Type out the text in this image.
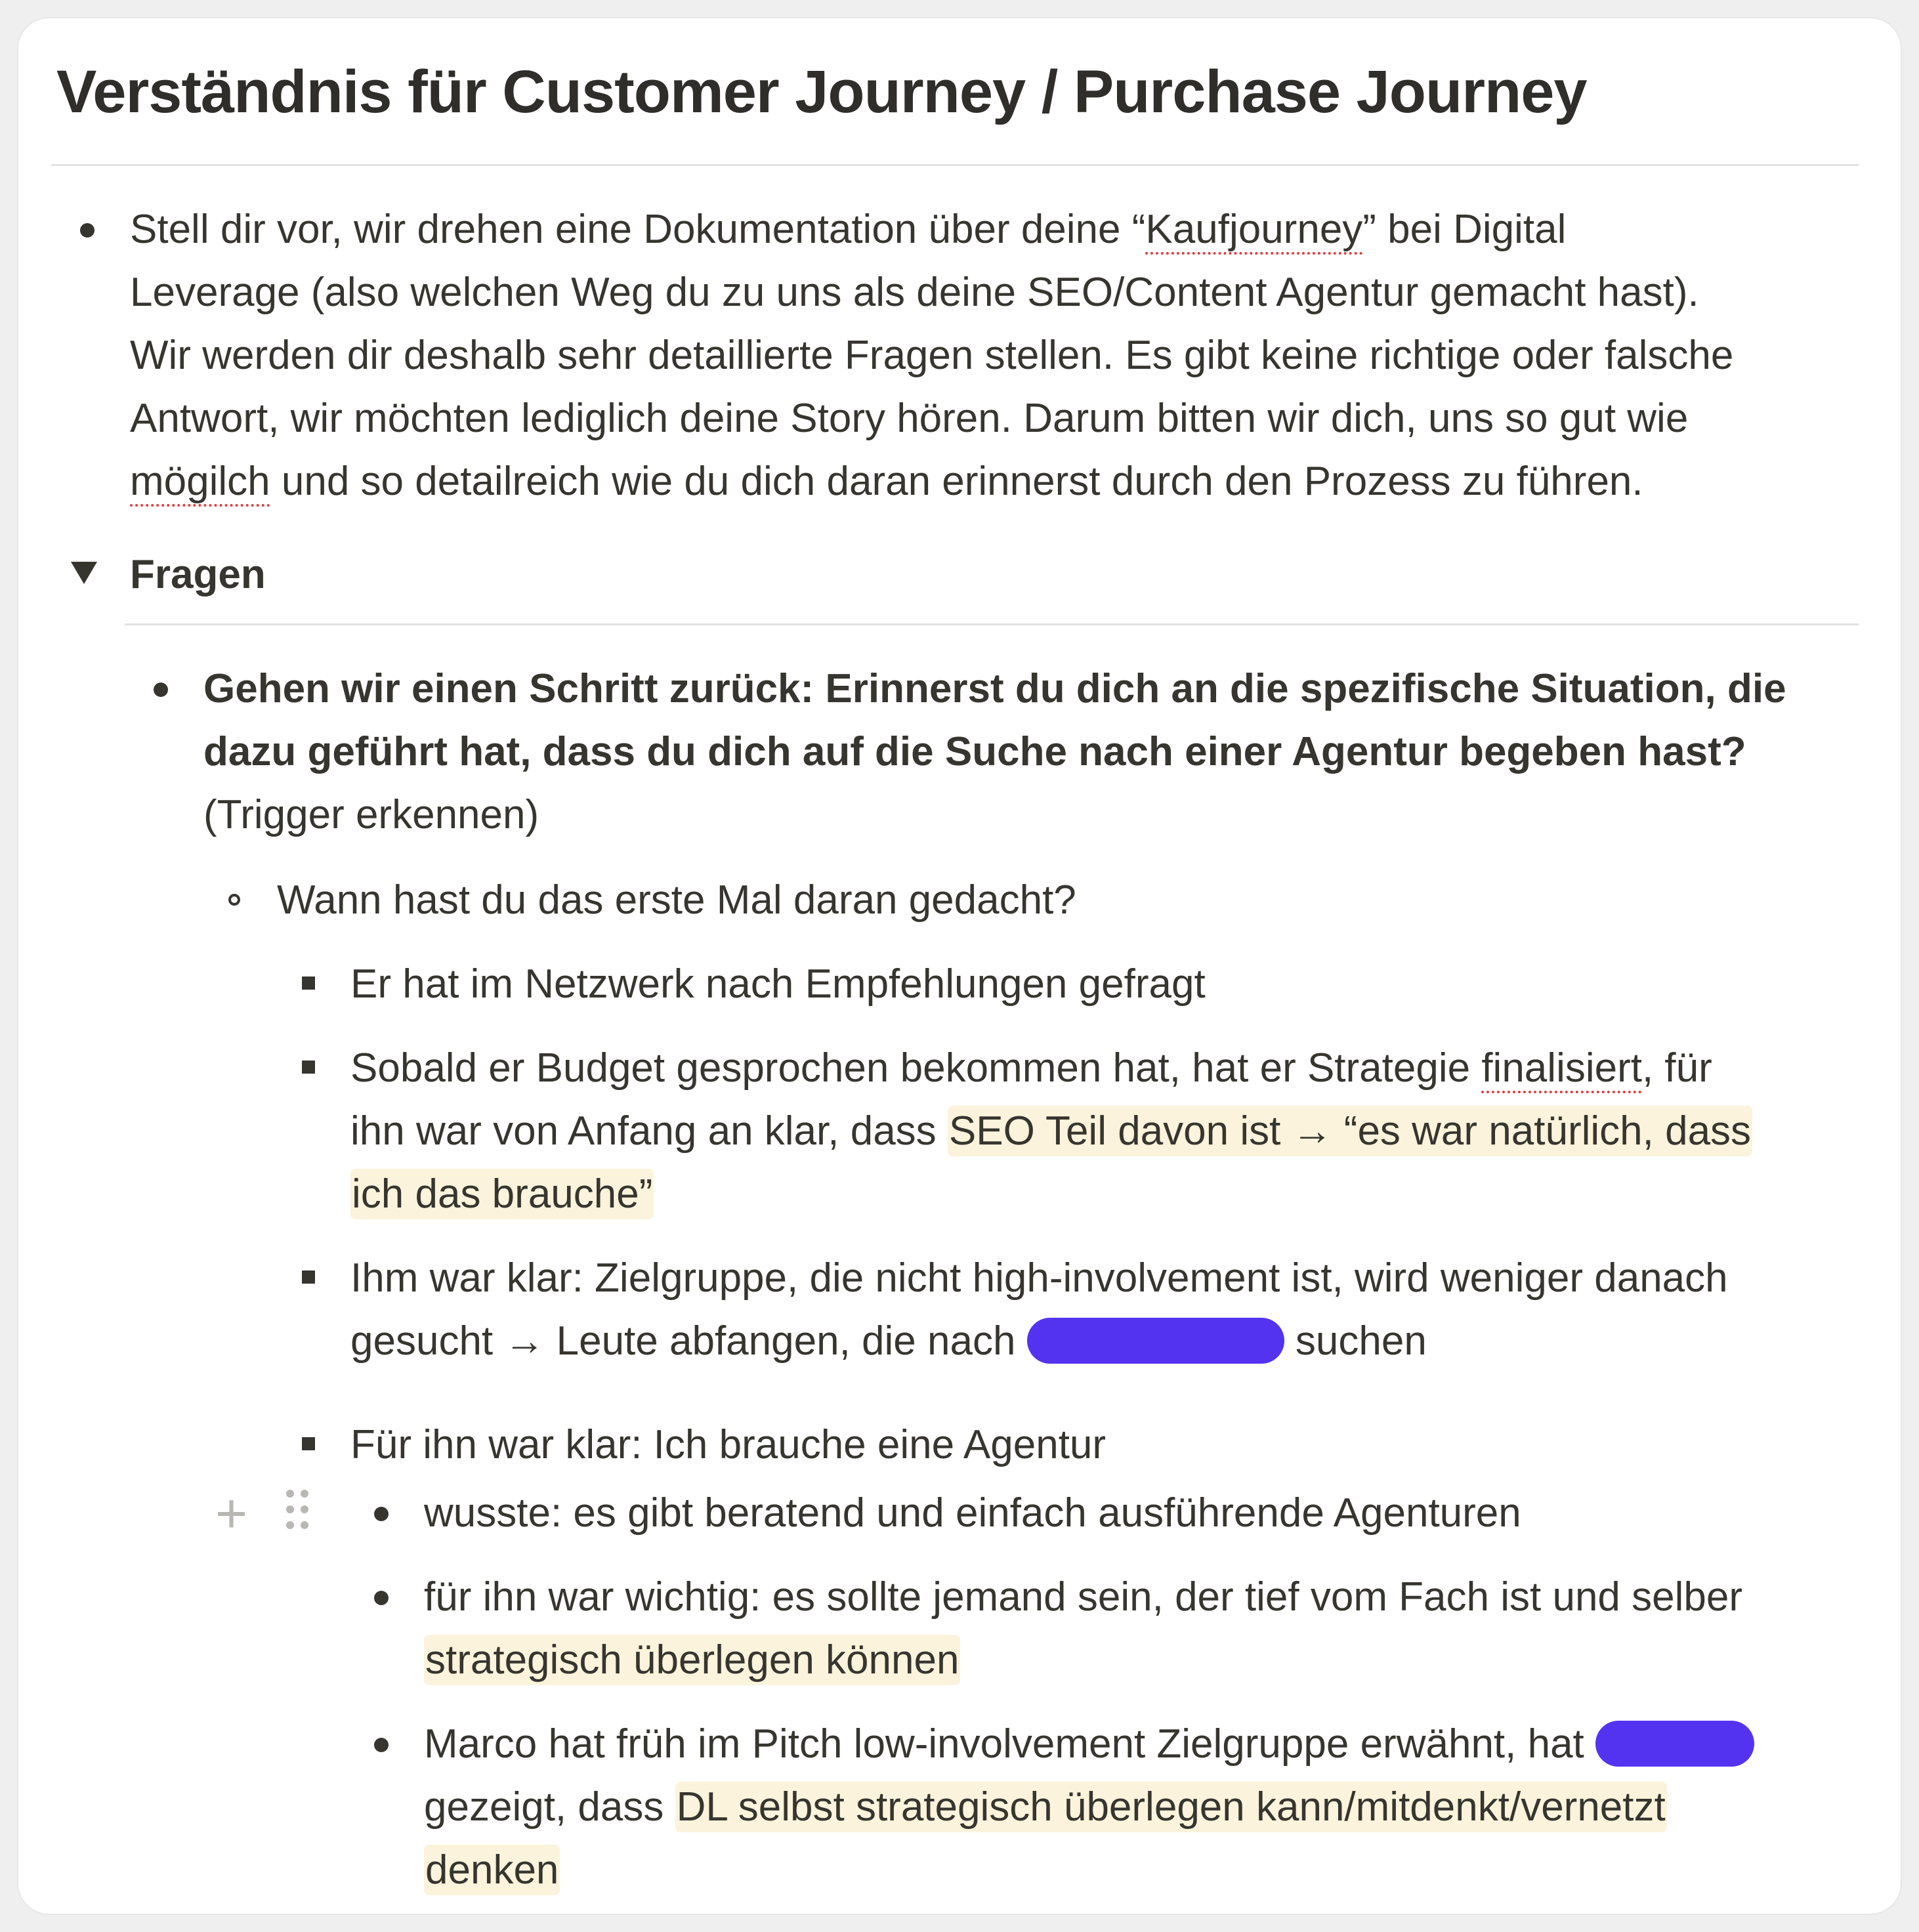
Verständnis für Customer Journey / Purchase Journey
Stell dir vor, wir drehen eine Dokumentation über deine “Kaufjourney” bei Digital
Leverage (also welchen Weg du zu uns als deine SEO/Content Agentur gemacht hast).
Wir werden dir deshalb sehr detaillierte Fragen stellen. Es gibt keine richtige oder falsche
Antwort, wir möchten lediglich deine Story hören. Darum bitten wir dich, uns so gut wie
mögilch und so detailreich wie du dich daran erinnerst durch den Prozess zu führen.
Fragen
Gehen wir einen Schritt zurück: Erinnerst du dich an die spezifische Situation, die
dazu geführt hat, dass du dich auf die Suche nach einer Agentur begeben hast?
(Trigger erkennen)
Wann hast du das erste Mal daran gedacht?
Er hat im Netzwerk nach Empfehlungen gefragt
Sobald er Budget gesprochen bekommen hat, hat er Strategie finalisiert, für
ihn war von Anfang an klar, dass SEO Teil davon ist → “es war natürlich, dass
ich das brauche”
Ihm war klar: Zielgruppe, die nicht high-involvement ist, wird weniger danach
gesucht → Leute abfangen, die nach	suchen
Für ihn war klar: Ich brauche eine Agentur
+	wusste: es gibt beratend und einfach ausführende Agenturen
für ihn war wichtig: es sollte jemand sein, der tief vom Fach ist und selber
strategisch überlegen können
Marco hat früh im Pitch low-involvement Zielgruppe erwähnt, hat
gezeigt, dass DL selbst strategisch überlegen kann/mitdenkt/vernetzt
denken
